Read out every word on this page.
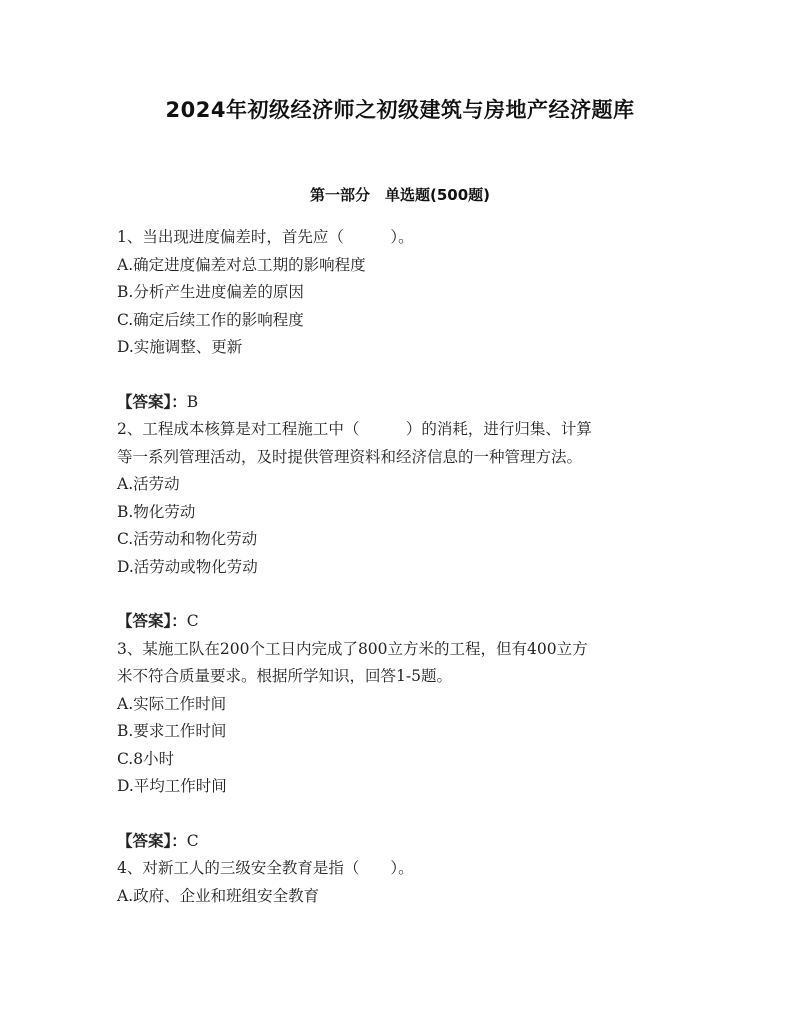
2024年初级经济师之初级建筑与房地产经济题库
第一部分　单选题(500题)
1、当出现进度偏差时，首先应（　　　）。
A.确定进度偏差对总工期的影响程度
B.分析产生进度偏差的原因
C.确定后续工作的影响程度
D.实施调整、更新
【答案】：B
2、工程成本核算是对工程施工中（　　　）的消耗，进行归集、计算
等一系列管理活动，及时提供管理资料和经济信息的一种管理方法。
A.活劳动
B.物化劳动
C.活劳动和物化劳动
D.活劳动或物化劳动
【答案】：C
3、某施工队在200个工日内完成了800立方米的工程，但有400立方
米不符合质量要求。根据所学知识，回答1-5题。
A.实际工作时间
B.要求工作时间
C.8小时
D.平均工作时间
【答案】：C
4、对新工人的三级安全教育是指（　　）。
A.政府、企业和班组安全教育
